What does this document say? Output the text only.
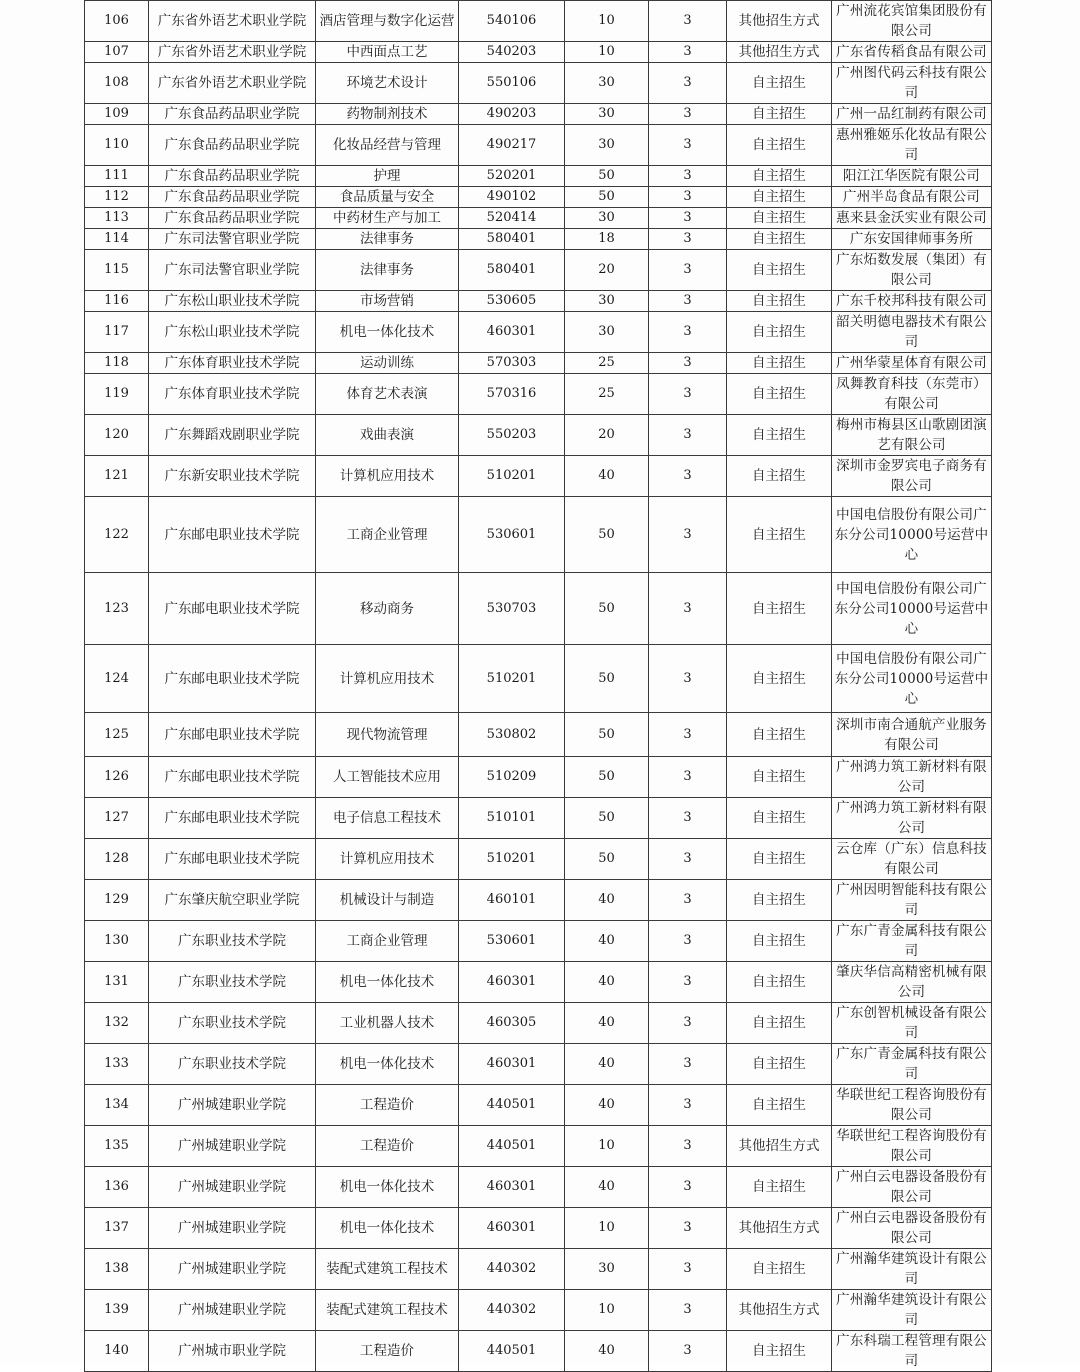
106	广东省外语艺术职业学院	酒店管理与数字化运营	540106	10	3	其他招生方式	广州流花宾馆集团股份有限公司
107	广东省外语艺术职业学院	中西面点工艺	540203	10	3	其他招生方式	广东省传稻食品有限公司
108	广东省外语艺术职业学院	环境艺术设计	550106	30	3	自主招生	广州图代码云科技有限公司
109	广东食品药品职业学院	药物制剂技术	490203	30	3	自主招生	广州一品红制药有限公司
110	广东食品药品职业学院	化妆品经营与管理	490217	30	3	自主招生	惠州雅姬乐化妆品有限公司
111	广东食品药品职业学院	护理	520201	50	3	自主招生	阳江江华医院有限公司
112	广东食品药品职业学院	食品质量与安全	490102	50	3	自主招生	广州半岛食品有限公司
113	广东食品药品职业学院	中药材生产与加工	520414	30	3	自主招生	惠来县金沃实业有限公司
114	广东司法警官职业学院	法律事务	580401	18	3	自主招生	广东安国律师事务所
115	广东司法警官职业学院	法律事务	580401	20	3	自主招生	广东炻数发展（集团）有限公司
116	广东松山职业技术学院	市场营销	530605	30	3	自主招生	广东千校邦科技有限公司
117	广东松山职业技术学院	机电一体化技术	460301	30	3	自主招生	韶关明德电器技术有限公司
118	广东体育职业技术学院	运动训练	570303	25	3	自主招生	广州华蒙星体育有限公司
119	广东体育职业技术学院	体育艺术表演	570316	25	3	自主招生	凤舞教育科技（东莞市）有限公司
120	广东舞蹈戏剧职业学院	戏曲表演	550203	20	3	自主招生	梅州市梅县区山歌剧团演艺有限公司
121	广东新安职业技术学院	计算机应用技术	510201	40	3	自主招生	深圳市金罗宾电子商务有限公司
122	广东邮电职业技术学院	工商企业管理	530601	50	3	自主招生	中国电信股份有限公司广东分公司10000号运营中心
123	广东邮电职业技术学院	移动商务	530703	50	3	自主招生	中国电信股份有限公司广东分公司10000号运营中心
124	广东邮电职业技术学院	计算机应用技术	510201	50	3	自主招生	中国电信股份有限公司广东分公司10000号运营中心
125	广东邮电职业技术学院	现代物流管理	530802	50	3	自主招生	深圳市南合通航产业服务有限公司
126	广东邮电职业技术学院	人工智能技术应用	510209	50	3	自主招生	广州鸿力筑工新材料有限公司
127	广东邮电职业技术学院	电子信息工程技术	510101	50	3	自主招生	广州鸿力筑工新材料有限公司
128	广东邮电职业技术学院	计算机应用技术	510201	50	3	自主招生	云仓库（广东）信息科技有限公司
129	广东肇庆航空职业学院	机械设计与制造	460101	40	3	自主招生	广州因明智能科技有限公司
130	广东职业技术学院	工商企业管理	530601	40	3	自主招生	广东广青金属科技有限公司
131	广东职业技术学院	机电一体化技术	460301	40	3	自主招生	肇庆华信高精密机械有限公司
132	广东职业技术学院	工业机器人技术	460305	40	3	自主招生	广东创智机械设备有限公司
133	广东职业技术学院	机电一体化技术	460301	40	3	自主招生	广东广青金属科技有限公司
134	广州城建职业学院	工程造价	440501	40	3	自主招生	华联世纪工程咨询股份有限公司
135	广州城建职业学院	工程造价	440501	10	3	其他招生方式	华联世纪工程咨询股份有限公司
136	广州城建职业学院	机电一体化技术	460301	40	3	自主招生	广州白云电器设备股份有限公司
137	广州城建职业学院	机电一体化技术	460301	10	3	其他招生方式	广州白云电器设备股份有限公司
138	广州城建职业学院	装配式建筑工程技术	440302	30	3	自主招生	广州瀚华建筑设计有限公司
139	广州城建职业学院	装配式建筑工程技术	440302	10	3	其他招生方式	广州瀚华建筑设计有限公司
140	广州城市职业学院	工程造价	440501	40	3	自主招生	广东科瑞工程管理有限公司
